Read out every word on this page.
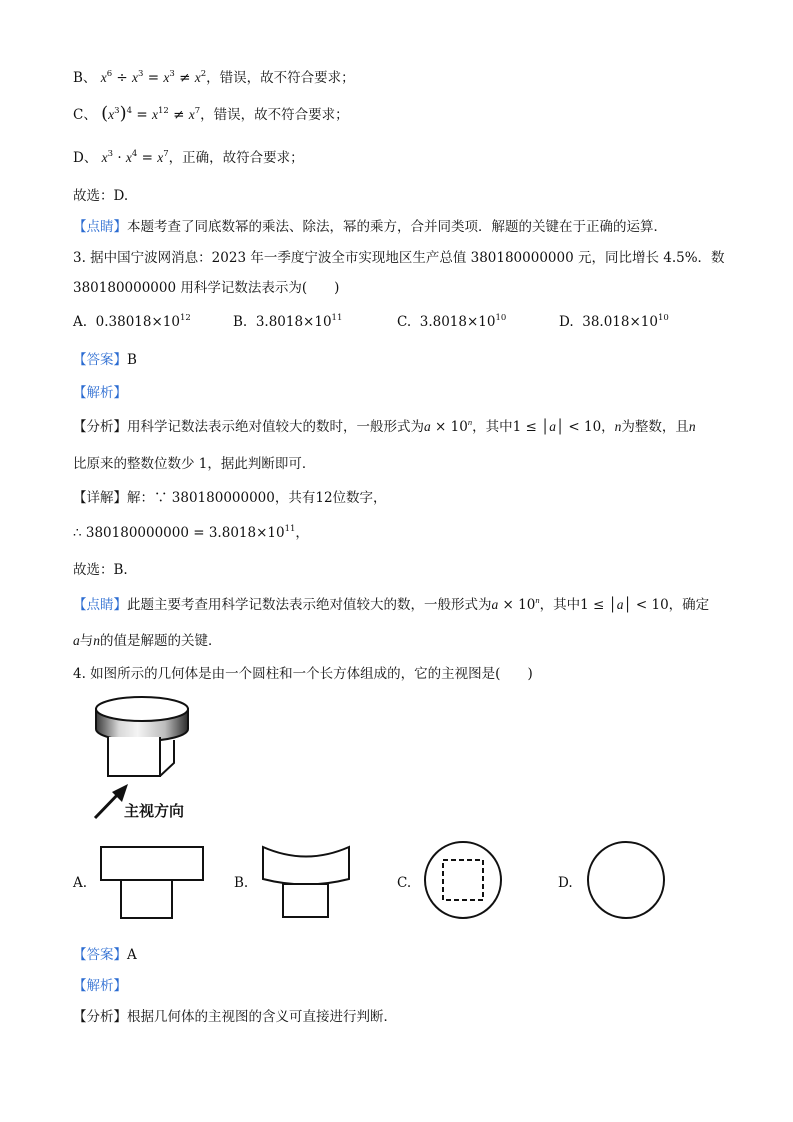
B、 $x^6 \div x^3 = x^3 \ne x^2$，错误，故不符合要求；
C、 $(x^3)^4 = x^{12} \ne x^7$，错误，故不符合要求；
D、 $x^3 \cdot x^4 = x^7$，正确，故符合要求；
故选：D.
【点睛】本题考查了同底数幂的乘法、除法，幂的乘方，合并同类项．解题的关键在于正确的运算．
3. 据中国宁波网消息：2023 年一季度宁波全市实现地区生产总值 380180000000 元，同比增长 4.5%．数
380180000000 用科学记数法表示为(　　)
A. $0.38018\times 10^{12}$	B. $3.8018\times 10^{11}$	C. $3.8018\times 10^{10}$	D. $38.018\times 10^{10}$
【答案】B
【解析】
【分析】用科学记数法表示绝对值较大的数时，一般形式为$a \times 10^n$，其中1 ≤ │a│ < 10，n为整数，且n
比原来的整数位数少 1，据此判断即可．
【详解】解：∵ 380180000000，共有12位数字，
∴ $380180000000 = 3.8018\times 10^{11}$，
故选：B.
【点睛】此题主要考查用科学记数法表示绝对值较大的数，一般形式为$a \times 10^n$，其中1 ≤ │a│ < 10，确定
a与n的值是解题的关键．
4. 如图所示的几何体是由一个圆柱和一个长方体组成的，它的主视图是(　　)
主视方向
A.	B.	C.	D.
【答案】A
【解析】
【分析】根据几何体的主视图的含义可直接进行判断．
